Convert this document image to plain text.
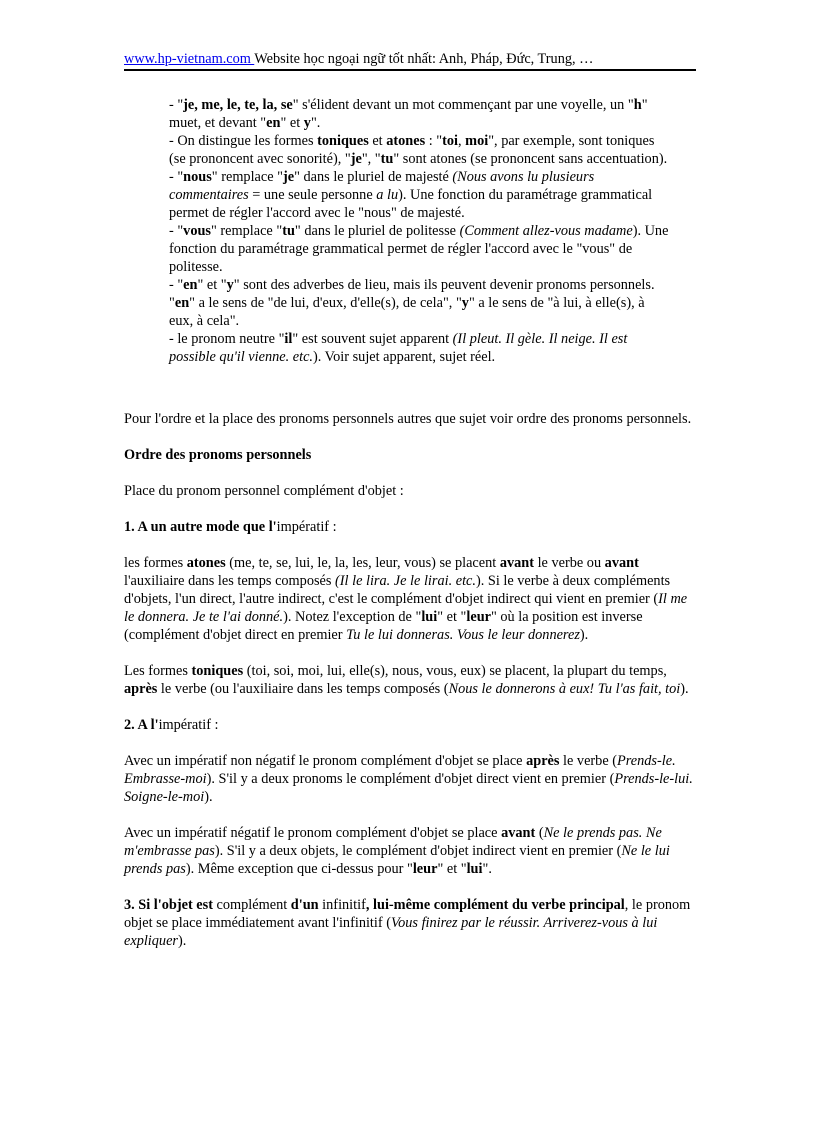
www.hp-vietnam.com Website học ngoại ngữ tốt nhất: Anh, Pháp, Đức, Trung, …

- "je, me, le, te, la, se" s'élident devant un mot commençant par une voyelle, un "h" muet, et devant "en" et y".

- On distingue les formes toniques et atones : "toi, moi", par exemple, sont toniques (se prononcent avec sonorité), "je", "tu" sont atones (se prononcent sans accentuation).

- "nous" remplace "je" dans le pluriel de majesté (Nous avons lu plusieurs commentaires = une seule personne a lu). Une fonction du paramétrage grammatical permet de régler l'accord avec le "nous" de majesté.

- "vous" remplace "tu" dans le pluriel de politesse (Comment allez-vous madame). Une fonction du paramétrage grammatical permet de régler l'accord avec le "vous" de politesse.

- "en" et "y" sont des adverbes de lieu, mais ils peuvent devenir pronoms personnels. "en" a le sens de "de lui, d'eux, d'elle(s), de cela", "y" a le sens de "à lui, à elle(s), à eux, à cela".

- le pronom neutre "il" est souvent sujet apparent (Il pleut. Il gèle. Il neige. Il est possible qu'il vienne. etc.). Voir sujet apparent, sujet réel.

Pour l'ordre et la place des pronoms personnels autres que sujet voir ordre des pronoms personnels.

Ordre des pronoms personnels

Place du pronom personnel complément d'objet :

1. A un autre mode que l'impératif :

les formes atones (me, te, se, lui, le, la, les, leur, vous) se placent avant le verbe ou avant l'auxiliaire dans les temps composés (Il le lira. Je le lirai. etc.). Si le verbe à deux compléments d'objets, l'un direct, l'autre indirect, c'est le complément d'objet indirect qui vient en premier (Il me le donnera. Je te l'ai donné.). Notez l'exception de "lui" et "leur" où la position est inverse (complément d'objet direct en premier Tu le lui donneras. Vous le leur donnerez).

Les formes toniques (toi, soi, moi, lui, elle(s), nous, vous, eux) se placent, la plupart du temps, après le verbe (ou l'auxiliaire dans les temps composés (Nous le donnerons à eux! Tu l'as fait, toi).

2. A l'impératif :

Avec un impératif non négatif le pronom complément d'objet se place après le verbe (Prends-le. Embrasse-moi). S'il y a deux pronoms le complément d'objet direct vient en premier (Prends-le-lui. Soigne-le-moi).

Avec un impératif négatif le pronom complément d'objet se place avant (Ne le prends pas. Ne m'embrasse pas). S'il y a deux objets, le complément d'objet indirect vient en premier (Ne le lui prends pas). Même exception que ci-dessus pour "leur" et "lui".

3. Si l'objet est complément d'un infinitif, lui-même complément du verbe principal, le pronom objet se place immédiatement avant l'infinitif (Vous finirez par le réussir. Arriverez-vous à lui expliquer).
